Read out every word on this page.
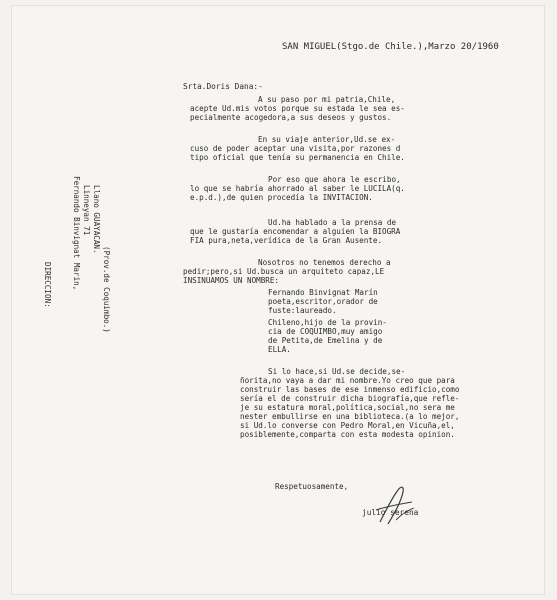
SAN MIGUEL(Stgo.de Chile.),Marzo 20/1960
Srta.Doris Dana:-
DIRECCION:	Fernando Binvignat Marin, Linneyan 71 Llano GUAYACAN.
(Prov.de Coquimbo.)
A su paso por mi patria,Chile,
acepte Ud.mis votos porque su estada le sea es-
pecialmente acogedora,a sus deseos y gustos.
En su viaje anterior,Ud.se ex-
cuso de poder aceptar una visita,por razones d
tipo oficial que tenía su permanencia en Chile.
Por eso que ahora le escribo,
lo que se habría ahorrado al saber le LUCILA(q.
e.p.d.),de quien procedía la INVITACION.
Ud.ha hablado a la prensa de
que le gustaría encomendar a alguien la BIOGRA
FIA pura,neta,verídica de la Gran Ausente.
Nosotros no tenemos derecho a
pedir;pero,si Ud.busca un arquiteto capaz,LE
INSINUAMOS UN NOMBRE:
Fernando Binvignat Marín
poeta,escritor,orador de
fuste:laureado.
Chileno,hijo de la provin-
cia de COQUIMBO,muy amigo
de Petita,de Emelina y de
ELLA.
Si lo hace,si Ud.se decide,se-
ñorita,no vaya a dar mi nombre.Yo creo que para
construir las bases de ese inmenso edificio,como
sería el de construir dicha biografía,que refle-
je su estatura moral,política,social,no sera me
nester embullirse en una biblioteca.(a lo mejor,
si Ud.lo converse con Pedro Moral,en Vicuña,el,
posiblemente,comparta con esta modesta opinion.
Respetuosamente,
julio serena
